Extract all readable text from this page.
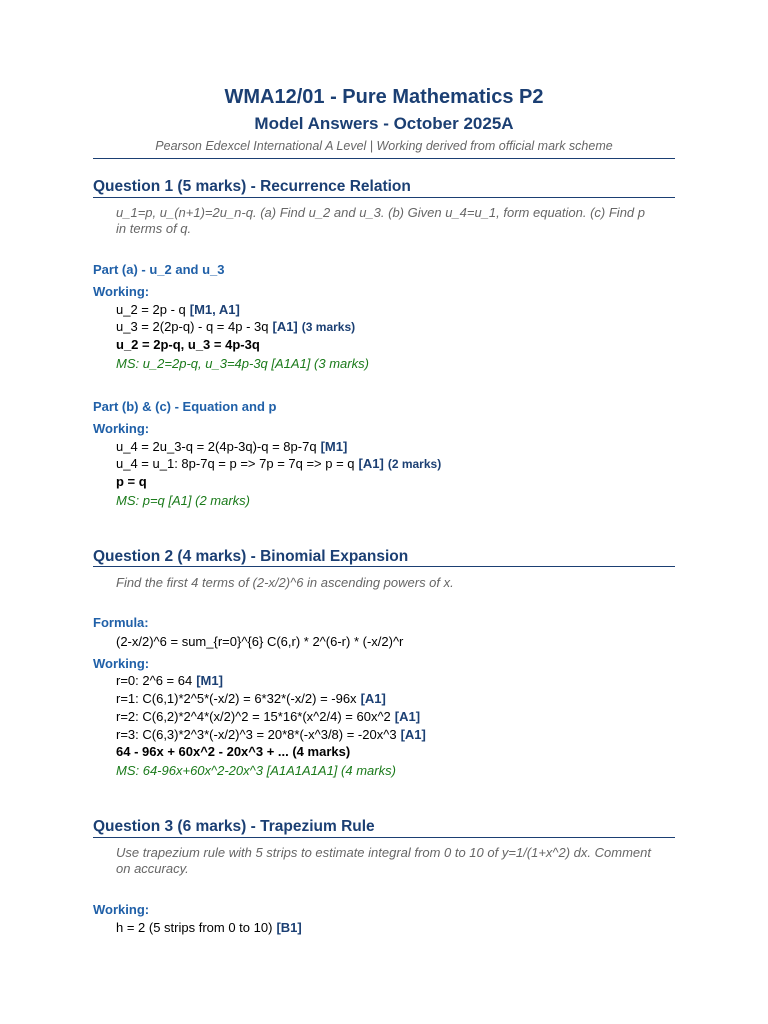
WMA12/01 - Pure Mathematics P2
Model Answers - October 2025A
Pearson Edexcel International A Level | Working derived from official mark scheme
Question 1 (5 marks) - Recurrence Relation
u_1=p, u_(n+1)=2u_n-q. (a) Find u_2 and u_3. (b) Given u_4=u_1, form equation. (c) Find p in terms of q.
Part (a) - u_2 and u_3
Working:
u_2 = 2p - q [M1, A1]
u_3 = 2(2p-q) - q = 4p - 3q [A1] (3 marks)
u_2 = 2p-q, u_3 = 4p-3q
MS: u_2=2p-q, u_3=4p-3q [A1A1] (3 marks)
Part (b) & (c) - Equation and p
Working:
u_4 = 2u_3-q = 2(4p-3q)-q = 8p-7q [M1]
u_4 = u_1: 8p-7q = p => 7p = 7q => p = q [A1] (2 marks)
p = q
MS: p=q [A1] (2 marks)
Question 2 (4 marks) - Binomial Expansion
Find the first 4 terms of (2-x/2)^6 in ascending powers of x.
Formula:
(2-x/2)^6 = sum_{r=0}^{6} C(6,r) * 2^(6-r) * (-x/2)^r
Working:
r=0: 2^6 = 64 [M1]
r=1: C(6,1)*2^5*(-x/2) = 6*32*(-x/2) = -96x [A1]
r=2: C(6,2)*2^4*(x/2)^2 = 15*16*(x^2/4) = 60x^2 [A1]
r=3: C(6,3)*2^3*(-x/2)^3 = 20*8*(-x^3/8) = -20x^3 [A1]
64 - 96x + 60x^2 - 20x^3 + ... (4 marks)
MS: 64-96x+60x^2-20x^3 [A1A1A1A1] (4 marks)
Question 3 (6 marks) - Trapezium Rule
Use trapezium rule with 5 strips to estimate integral from 0 to 10 of y=1/(1+x^2) dx. Comment on accuracy.
Working:
h = 2 (5 strips from 0 to 10) [B1]
